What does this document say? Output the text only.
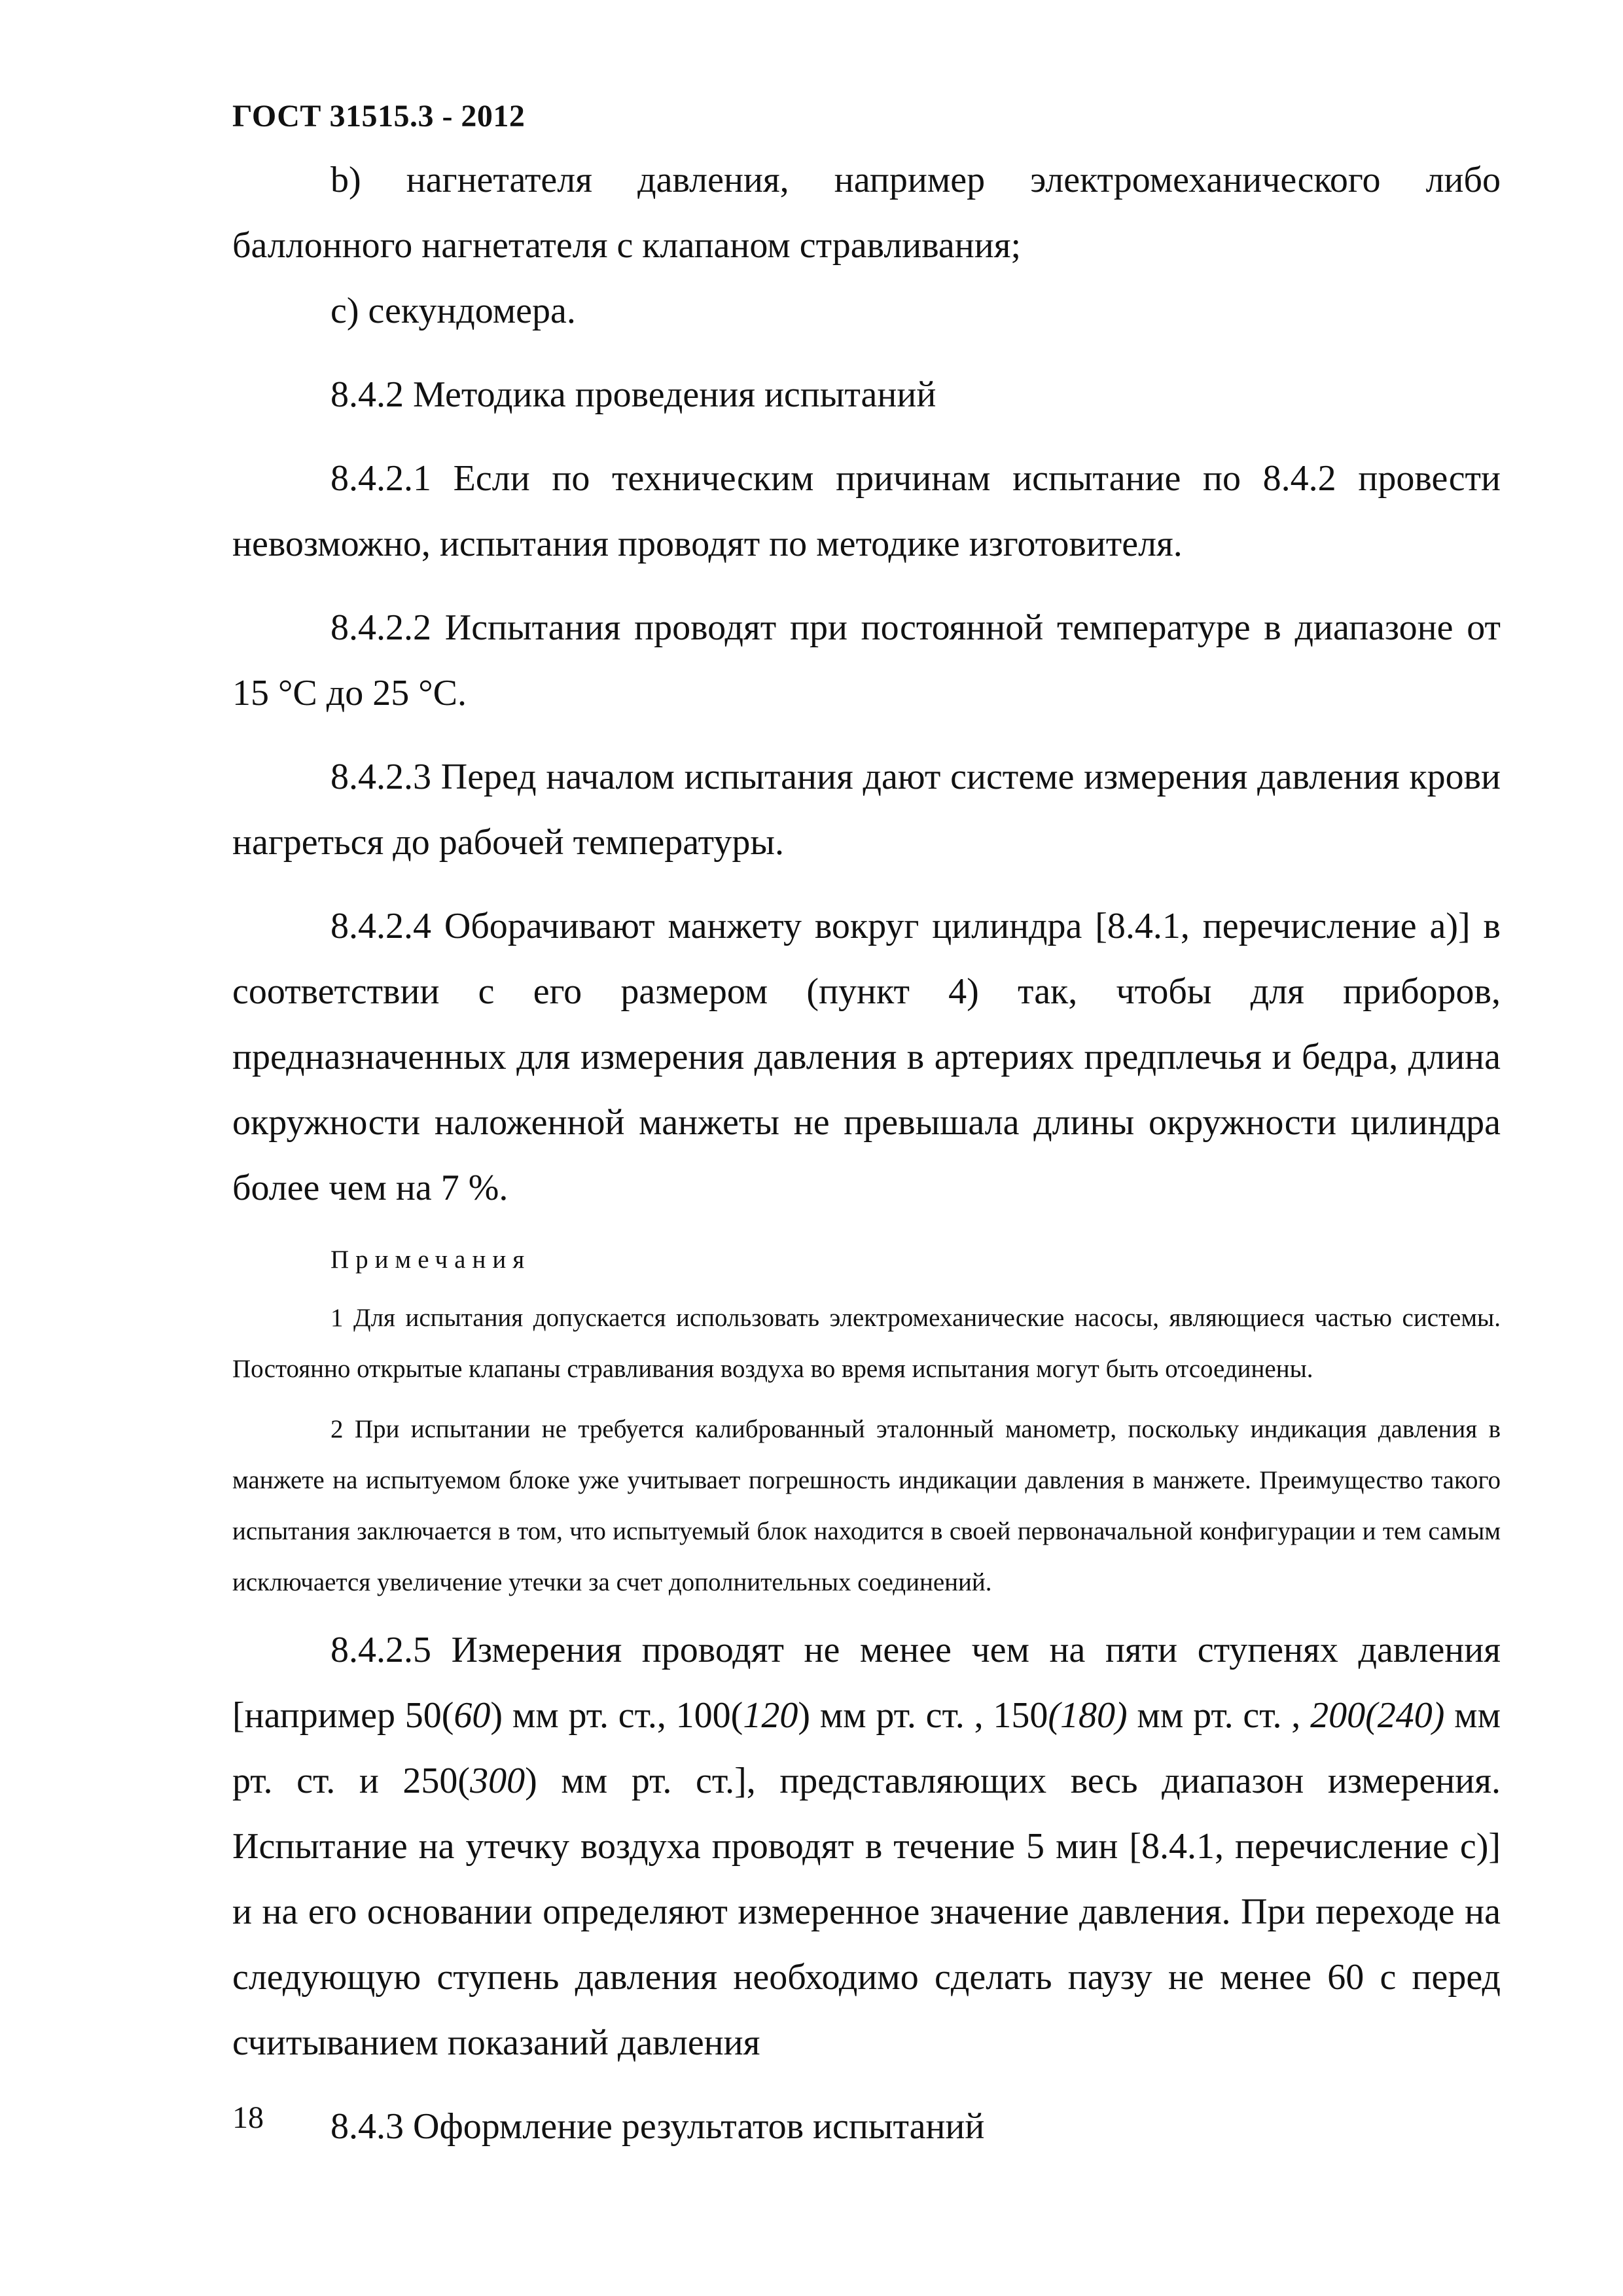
ГОСТ 31515.3 - 2012

b) нагнетателя давления, например электромеханического либо баллонного нагнетателя с клапаном стравливания;

c) секундомера.

8.4.2 Методика проведения испытаний

8.4.2.1 Если по техническим причинам испытание по 8.4.2 провести невозможно, испытания проводят по методике изготовителя.

8.4.2.2 Испытания проводят при постоянной температуре в диапазоне от 15 °С до 25 °С.

8.4.2.3 Перед началом испытания дают системе измерения давления крови нагреться до рабочей температуры.

8.4.2.4 Оборачивают манжету вокруг цилиндра [8.4.1, перечисление а)] в соответствии с его размером (пункт 4) так, чтобы для приборов, предназначенных для измерения давления в артериях предплечья и бедра, длина окружности наложенной манжеты не превышала длины окружности цилиндра более чем на 7 %.

Примечания

1 Для испытания допускается использовать электромеханические насосы, являющиеся частью системы. Постоянно открытые клапаны стравливания воздуха во время испытания могут быть отсоединены.

2 При испытании не требуется калиброванный эталонный манометр, поскольку индикация давления в манжете на испытуемом блоке уже учитывает погрешность индикации давления в манжете. Преимущество такого испытания заключается в том, что испытуемый блок находится в своей первоначальной конфигурации и тем самым исключается увеличение утечки за счет дополнительных соединений.

8.4.2.5 Измерения проводят не менее чем на пяти ступенях давления [например 50(60) мм рт. ст., 100(120) мм рт. ст. , 150(180) мм рт. ст. , 200(240) мм рт. ст. и 250(300) мм рт. ст.], представляющих весь диапазон измерения. Испытание на утечку воздуха проводят в течение 5 мин [8.4.1, перечисление с)] и на его основании определяют измеренное значение давления. При переходе на следующую ступень давления необходимо сделать паузу не менее 60 с перед считыванием показаний давления

8.4.3 Оформление результатов испытаний

18
